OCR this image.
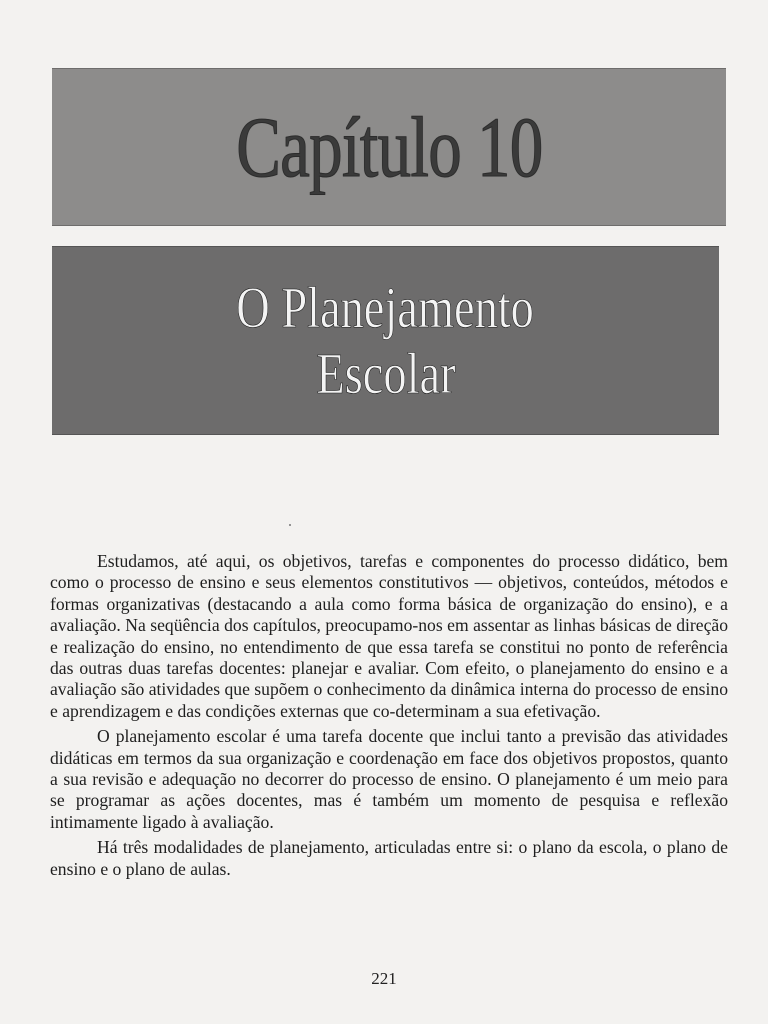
Capítulo 10
O Planejamento
Escolar

Estudamos, até aqui, os objetivos, tarefas e componentes do processo didático, bem como o processo de ensino e seus elementos constitutivos — objetivos, conteúdos, métodos e formas organizativas (destacando a aula como forma básica de organização do ensino), e a avaliação. Na seqüência dos capítulos, preocupamo-nos em assentar as linhas básicas de direção e realização do ensino, no entendimento de que essa tarefa se constitui no ponto de referência das outras duas tarefas docentes: planejar e avaliar. Com efeito, o planejamento do ensino e a avaliação são atividades que supõem o conhecimento da dinâmica interna do processo de ensino e aprendizagem e das condições externas que co-determinam a sua efetivação.

O planejamento escolar é uma tarefa docente que inclui tanto a previsão das atividades didáticas em termos da sua organização e coordenação em face dos objetivos propostos, quanto a sua revisão e adequação no decorrer do processo de ensino. O planejamento é um meio para se programar as ações docentes, mas é também um momento de pesquisa e reflexão intimamente ligado à avaliação.

Há três modalidades de planejamento, articuladas entre si: o plano da escola, o plano de ensino e o plano de aulas.

221
